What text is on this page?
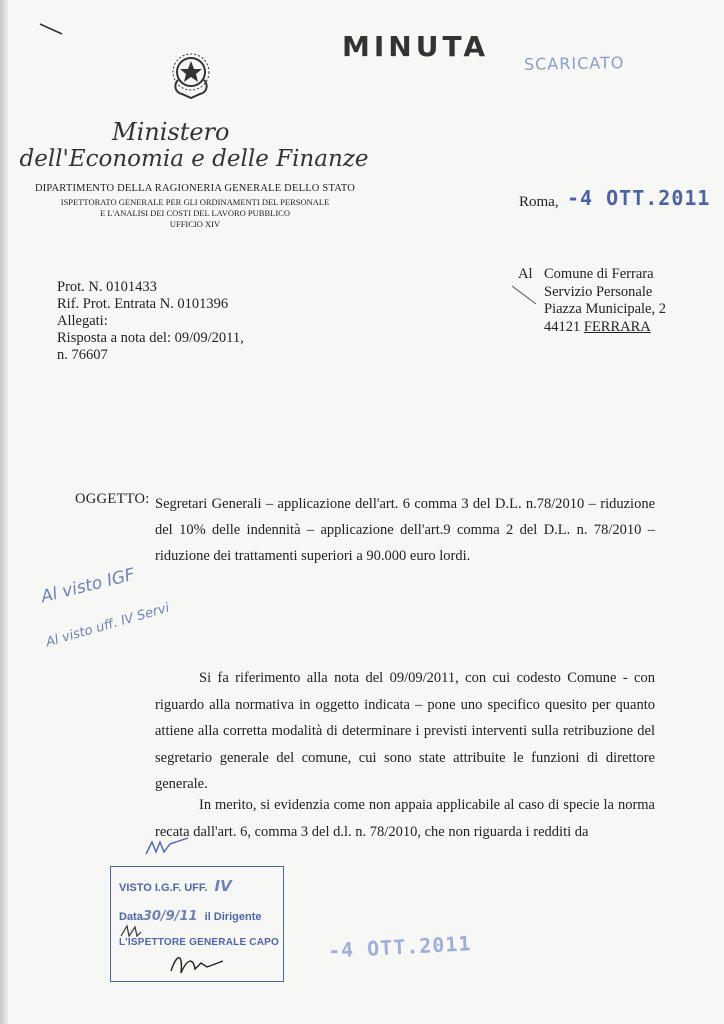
MINUTA
SCARICATO
Ministero
dell'Economia e delle Finanze
DIPARTIMENTO DELLA RAGIONERIA GENERALE DELLO STATO
ISPETTORATO GENERALE PER GLI ORDINAMENTI DEL PERSONALE
E L'ANALISI DEI COSTI DEL LAVORO PUBBLICO
UFFICIO XIV
Roma, -4 OTT.2011
Prot. N. 0101433
Rif. Prot. Entrata N. 0101396
Allegati:
Risposta a nota del: 09/09/2011,
n. 76607
Al Comune di Ferrara
Servizio Personale
Piazza Municipale, 2
44121 FERRARA
OGGETTO: Segretari Generali – applicazione dell'art. 6 comma 3 del D.L. n.78/2010 – riduzione del 10% delle indennità – applicazione dell'art.9 comma 2 del D.L. n. 78/2010 – riduzione dei trattamenti superiori a 90.000 euro lordi.
Al visto IGF
Al visto uff. IV Servi
Si fa riferimento alla nota del 09/09/2011, con cui codesto Comune - con riguardo alla normativa in oggetto indicata – pone uno specifico quesito per quanto attiene alla corretta modalità di determinare i previsti interventi sulla retribuzione del segretario generale del comune, cui sono state attribuite le funzioni di direttore generale.
In merito, si evidenzia come non appaia applicabile al caso di specie la norma recata dall'art. 6, comma 3 del d.l. n. 78/2010, che non riguarda i redditi da
VISTO I.G.F. UFF. IV
Data30/9/11 il Dirigente
L'ISPETTORE GENERALE CAPO -4 OTT.2011
